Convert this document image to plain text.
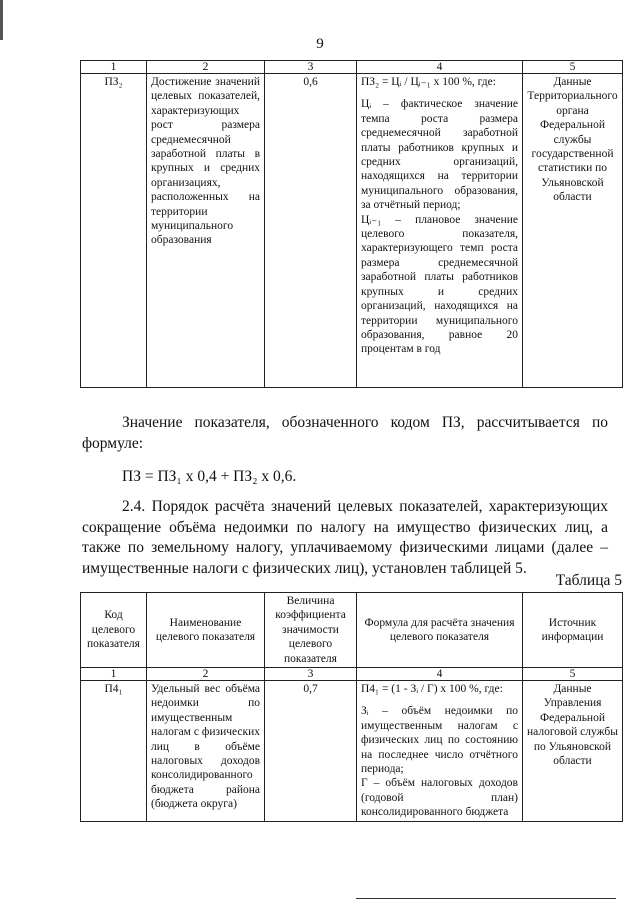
9
1	2	3	4	5
ПЗ₂	Достижение значений целевых показателей, характеризующих рост размера среднемесячной заработной платы в крупных и средних организациях, расположенных на территории муниципального образования	0,6	ПЗ₂ = Цᵢ / Цᵢ₋₁ х 100 %, где:
Цᵢ – фактическое значение темпа роста размера среднемесячной заработной платы работников крупных и средних организаций, находящихся на территории муниципального образования, за отчётный период;
Цᵢ₋₁ – плановое значение целевого показателя, характеризующего темп роста размера среднемесячной заработной платы работников крупных и средних организаций, находящихся на территории муниципального образования, равное 20 процентам в год	Данные Территориального органа Федеральной службы государственной статистики по Ульяновской области
Значение показателя, обозначенного кодом ПЗ, рассчитывается по формуле:
ПЗ = ПЗ₁ х 0,4 + ПЗ₂ х 0,6.
2.4. Порядок расчёта значений целевых показателей, характеризующих сокращение объёма недоимки по налогу на имущество физических лиц, а также по земельному налогу, уплачиваемому физическими лицами (далее – имущественные налоги с физических лиц), установлен таблицей 5.
Таблица 5
Код целевого показателя	Наименование целевого показателя	Величина коэффициента значимости целевого показателя	Формула для расчёта значения целевого показателя	Источник информации
1	2	3	4	5
П4₁	Удельный вес объёма недоимки по имущественным налогам с физических лиц в объёме налоговых доходов консолидированного бюджета района (бюджета округа)	0,7	П4₁ = (1 - Зᵢ / Г) х 100 %, где:
Зᵢ – объём недоимки по имущественным налогам с физических лиц по состоянию на последнее число отчётного периода;
Г – объём налоговых доходов (годовой план) консолидированного бюджета	Данные Управления Федеральной налоговой службы по Ульяновской области
